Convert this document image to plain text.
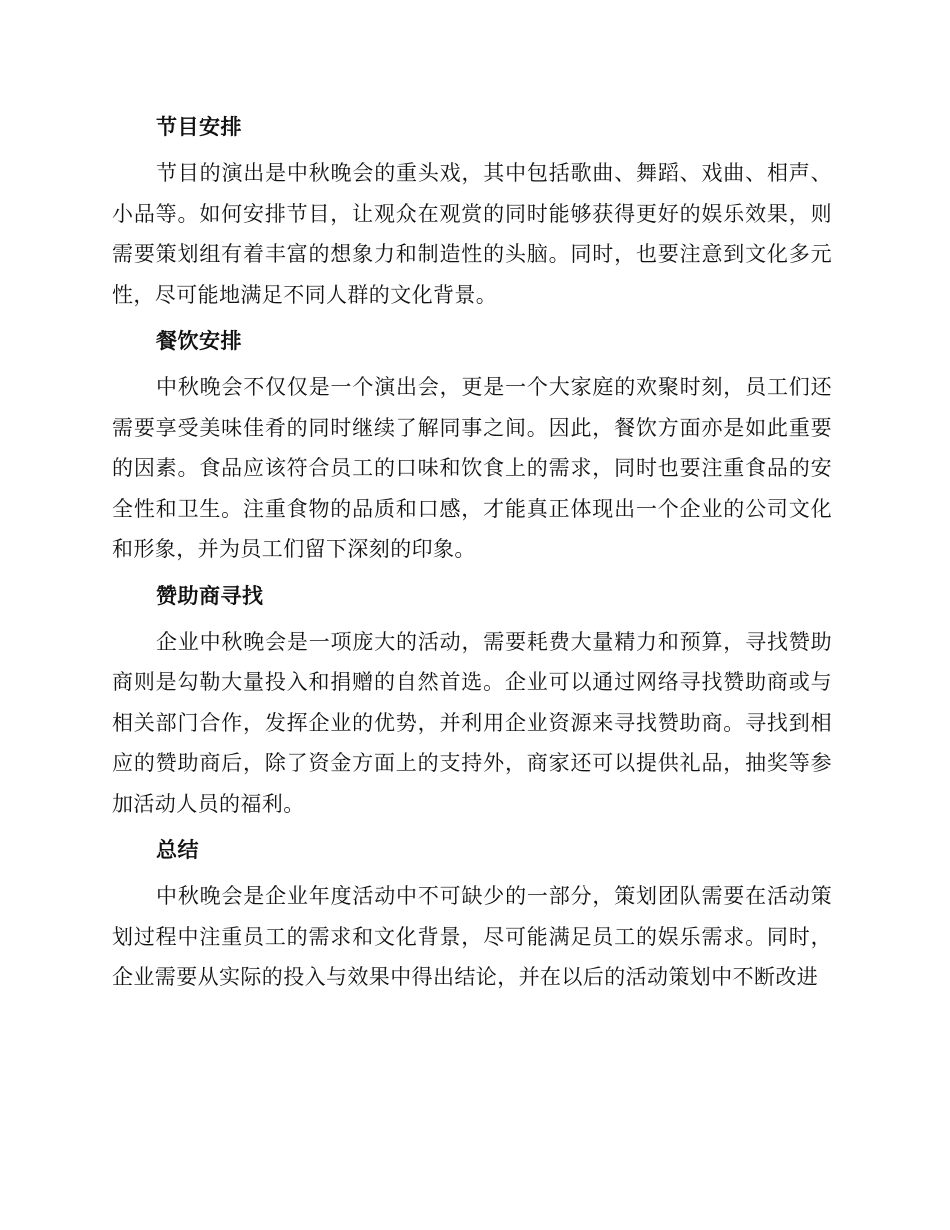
节目安排

节目的演出是中秋晚会的重头戏，其中包括歌曲、舞蹈、戏曲、相声、小品等。如何安排节目，让观众在观赏的同时能够获得更好的娱乐效果，则需要策划组有着丰富的想象力和制造性的头脑。同时，也要注意到文化多元性，尽可能地满足不同人群的文化背景。

餐饮安排

中秋晚会不仅仅是一个演出会，更是一个大家庭的欢聚时刻，员工们还需要享受美味佳肴的同时继续了解同事之间。因此，餐饮方面亦是如此重要的因素。食品应该符合员工的口味和饮食上的需求，同时也要注重食品的安全性和卫生。注重食物的品质和口感，才能真正体现出一个企业的公司文化和形象，并为员工们留下深刻的印象。

赞助商寻找

企业中秋晚会是一项庞大的活动，需要耗费大量精力和预算，寻找赞助商则是勾勒大量投入和捐赠的自然首选。企业可以通过网络寻找赞助商或与相关部门合作，发挥企业的优势，并利用企业资源来寻找赞助商。寻找到相应的赞助商后，除了资金方面上的支持外，商家还可以提供礼品，抽奖等参加活动人员的福利。

总结

中秋晚会是企业年度活动中不可缺少的一部分，策划团队需要在活动策划过程中注重员工的需求和文化背景，尽可能满足员工的娱乐需求。同时，企业需要从实际的投入与效果中得出结论，并在以后的活动策划中不断改进
